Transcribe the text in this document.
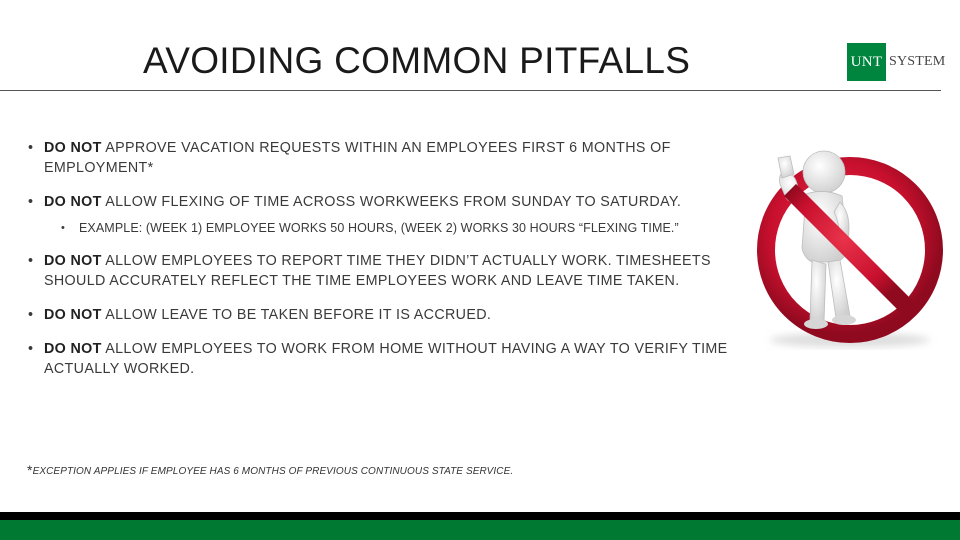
AVOIDING COMMON PITFALLS	UNT SYSTEM
• DO NOT APPROVE VACATION REQUESTS WITHIN AN EMPLOYEES FIRST 6 MONTHS OF EMPLOYMENT*
• DO NOT ALLOW FLEXING OF TIME ACROSS WORKWEEKS FROM SUNDAY TO SATURDAY.
• EXAMPLE: (WEEK 1) EMPLOYEE WORKS 50 HOURS, (WEEK 2) WORKS 30 HOURS “FLEXING TIME.”
• DO NOT ALLOW EMPLOYEES TO REPORT TIME THEY DIDN’T ACTUALLY WORK. TIMESHEETS SHOULD ACCURATELY REFLECT THE TIME EMPLOYEES WORK AND LEAVE TIME TAKEN.
• DO NOT ALLOW LEAVE TO BE TAKEN BEFORE IT IS ACCRUED.
• DO NOT ALLOW EMPLOYEES TO WORK FROM HOME WITHOUT HAVING A WAY TO VERIFY TIME ACTUALLY WORKED.
*EXCEPTION APPLIES IF EMPLOYEE HAS 6 MONTHS OF PREVIOUS CONTINUOUS STATE SERVICE.
